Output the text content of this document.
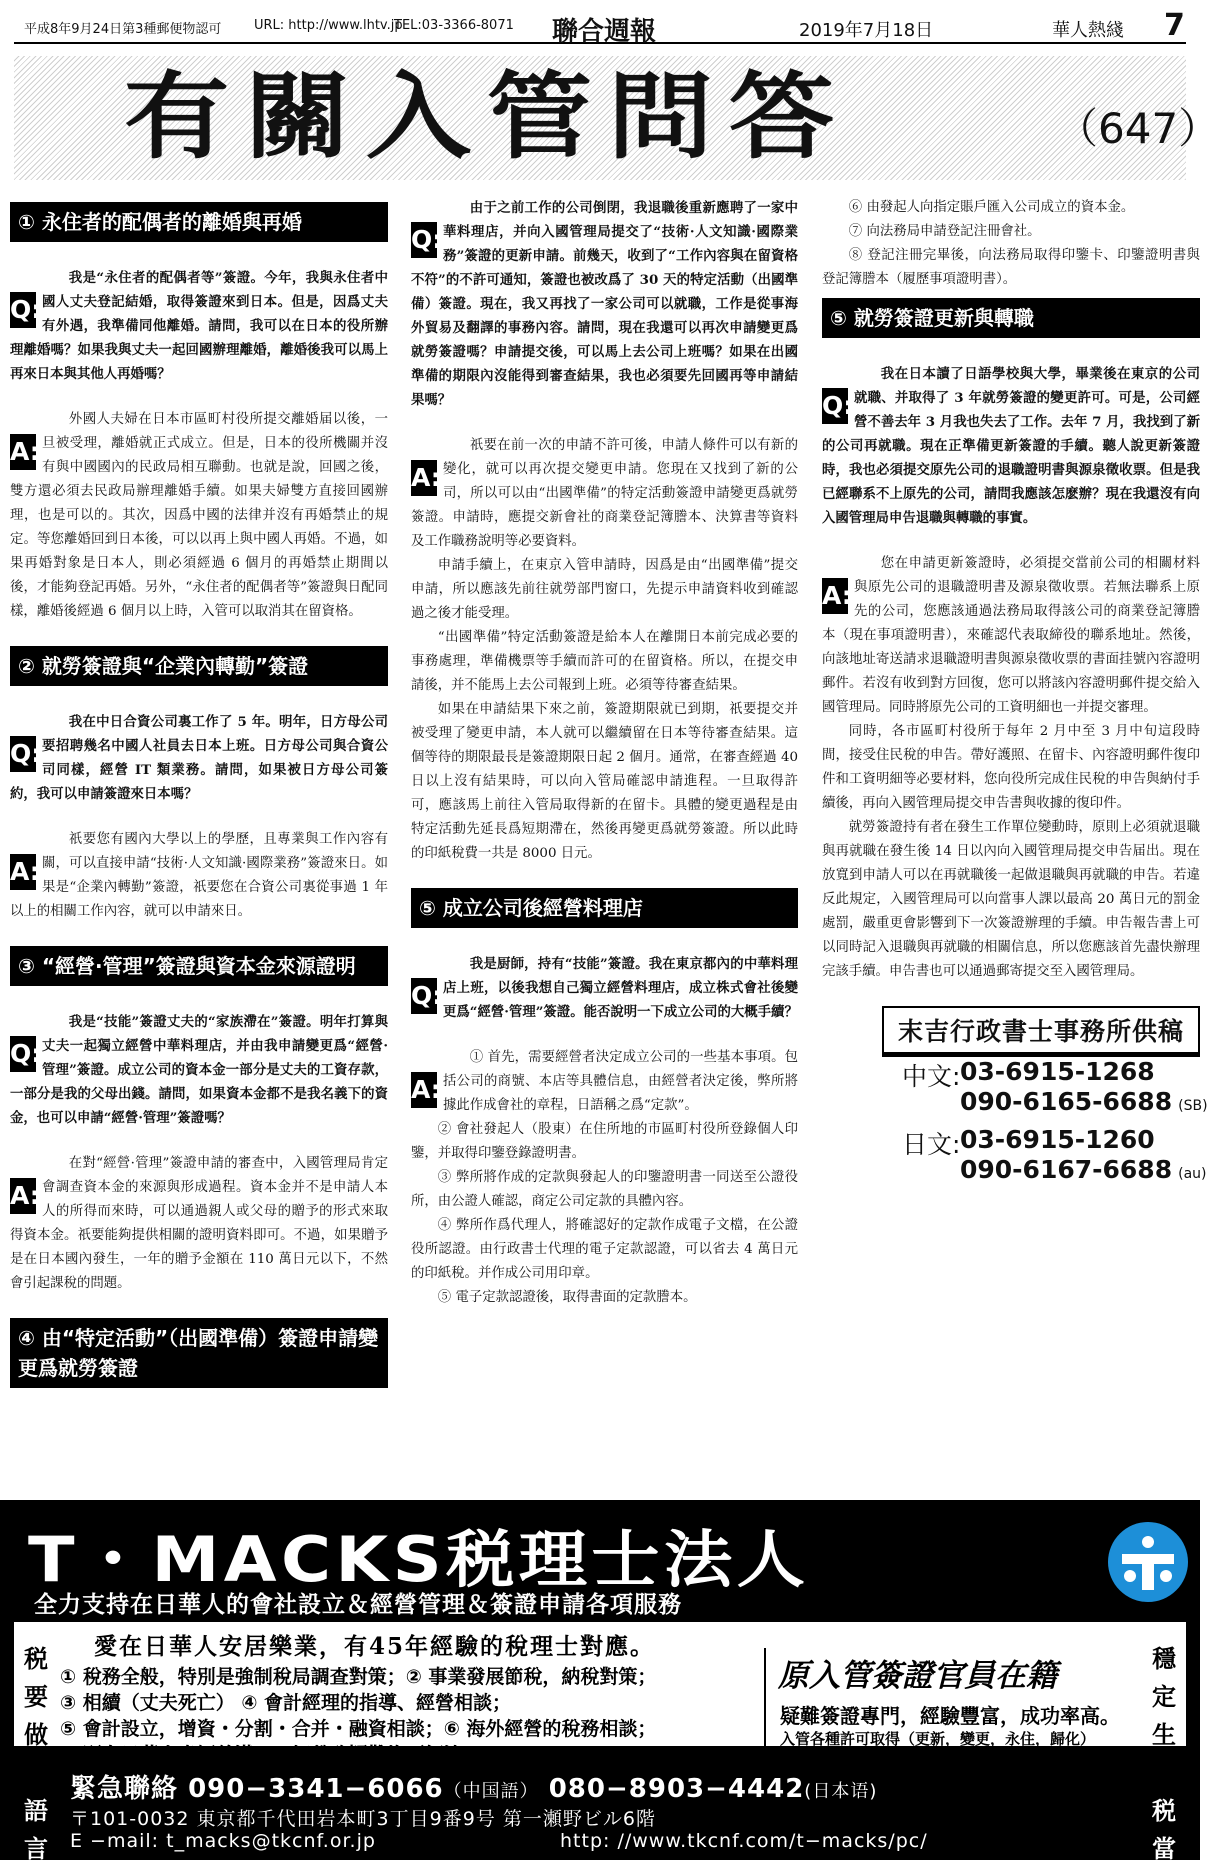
平成8年9月24日第3種郵便物認可	URL: http://www.lhtv.jp
TEL:03-3366-8071 聯合週報	2019年7月18日	華人熱綫 7
有關入管問答	（647）
① 永住者的配偶者的離婚與再婚
Q:

我是“永住者的配偶者等”簽證。今年，我與永住者中國人丈夫登記結婚，取得簽證來到日本。但是，因爲丈夫有外遇，我準備同他離婚。請問，我可以在日本的役所辦理離婚嗎？如果我與丈夫一起回國辦理離婚，離婚後我可以馬上再來日本與其他人再婚嗎？

A:

外國人夫婦在日本市區町村役所提交離婚届以後，一旦被受理，離婚就正式成立。但是，日本的役所機關并沒有與中國國內的民政局相互聯動。也就是說，回國之後，雙方還必須去民政局辦理離婚手續。如果夫婦雙方直接回國辦理，也是可以的。其次，因爲中國的法律并沒有再婚禁止的規定。等您離婚回到日本後，可以以再上與中國人再婚。不過，如果再婚對象是日本人，則必須經過 6 個月的再婚禁止期間以後，才能夠登記再婚。另外，“永住者的配偶者等”簽證與日配同樣，離婚後經過 6 個月以上時，入管可以取消其在留資格。

② 就勞簽證與“企業內轉勤”簽證
Q:

我在中日合資公司裏工作了 5 年。明年，日方母公司要招聘幾名中國人社員去日本上班。日方母公司與合資公司同樣，經營 IT 類業務。請問，如果被日方母公司簽約，我可以申請簽證來日本嗎？

A:

祇要您有國內大學以上的學歷，且專業與工作內容有關，可以直接申請“技術·人文知識·國際業務”簽證來日。如果是“企業內轉勤”簽證，祇要您在合資公司裏從事過 1 年以上的相關工作內容，就可以申請來日。

③ “經營·管理”簽證與資本金來源證明
Q:

我是“技能”簽證丈夫的“家族滯在”簽證。明年打算與丈夫一起獨立經營中華料理店，并由我申請變更爲“經營·管理”簽證。成立公司的資本金一部分是丈夫的工資存款，一部分是我的父母出錢。請問，如果資本金都不是我名義下的資金，也可以申請“經營·管理”簽證嗎？

A:

在對“經營·管理”簽證申請的審查中，入國管理局肯定會調查資本金的來源與形成過程。資本金并不是申請人本人的所得而來時，可以通過親人或父母的贈予的形式來取得資本金。祇要能夠提供相關的證明資料即可。不過，如果贈予是在日本國內發生，一年的贈予金額在 110 萬日元以下，不然會引起課稅的問題。

④ 由“特定活動”（出國準備）簽證申請變更爲就勞簽證
Q:

由于之前工作的公司倒閉，我退職後重新應聘了一家中華料理店，并向入國管理局提交了“技術·人文知識·國際業務”簽證的更新申請。前幾天，收到了“工作內容與在留資格不符”的不許可通知，簽證也被改爲了 30 天的特定活動（出國準備）簽證。現在，我又再找了一家公司可以就職，工作是從事海外貿易及翻譯的事務內容。請問，現在我還可以再次申請變更爲就勞簽證嗎？申請提交後，可以馬上去公司上班嗎？如果在出國準備的期限內沒能得到審查結果，我也必須要先回國再等申請結果嗎？

A:

祇要在前一次的申請不許可後，申請人條件可以有新的變化，就可以再次提交變更申請。您現在又找到了新的公司，所以可以由“出國準備”的特定活動簽證申請變更爲就勞簽證。申請時，應提交新會社的商業登記簿謄本、決算書等資料及工作職務說明等必要資料。

申請手續上，在東京入管申請時，因爲是由“出國準備”提交申請，所以應該先前往就勞部門窗口，先提示申請資料收到確認過之後才能受理。

“出國準備”特定活動簽證是給本人在離開日本前完成必要的事務處理，準備機票等手續而許可的在留資格。所以，在提交申請後，并不能馬上去公司報到上班。必須等待審查結果。

如果在申請結果下來之前，簽證期限就已到期，祇要提交并被受理了變更申請，本人就可以繼續留在日本等待審查結果。這個等待的期限最長是簽證期限日起 2 個月。通常，在審查經過 40 日以上沒有結果時，可以向入管局確認申請進程。一旦取得許可，應該馬上前往入管局取得新的在留卡。具體的變更過程是由特定活動先延長爲短期滯在，然後再變更爲就勞簽證。所以此時的印紙稅費一共是 8000 日元。

⑤ 成立公司後經營料理店
Q:

我是厨師，持有“技能”簽證。我在東京都內的中華料理店上班，以後我想自己獨立經營料理店，成立株式會社後變更爲“經營·管理”簽證。能否說明一下成立公司的大概手續？

A:

① 首先，需要經營者決定成立公司的一些基本事項。包括公司的商號、本店等具體信息，由經營者決定後，弊所將據此作成會社的章程，日語稱之爲“定款”。

② 會社發起人（股東）在住所地的市區町村役所登錄個人印鑒，并取得印鑒登錄證明書。

③ 弊所將作成的定款與發起人的印鑒證明書一同送至公證役所，由公證人確認，商定公司定款的具體內容。

④ 弊所作爲代理人，將確認好的定款作成電子文檔，在公證役所認證。由行政書士代理的電子定款認證，可以省去 4 萬日元的印紙稅。并作成公司用印章。

⑤ 電子定款認證後，取得書面的定款謄本。

⑥ 由發起人向指定賬戶匯入公司成立的資本金。

⑦ 向法務局申請登記注冊會社。

⑧ 登記注冊完畢後，向法務局取得印鑒卡、印鑒證明書與登記簿謄本（履歷事項證明書）。

⑤ 就勞簽證更新與轉職
Q:

我在日本讀了日語學校與大學，畢業後在東京的公司就職、并取得了 3 年就勞簽證的變更許可。可是，公司經營不善去年 3 月我也失去了工作。去年 7 月，我找到了新的公司再就職。現在正準備更新簽證的手續。聽人說更新簽證時，我也必須提交原先公司的退職證明書與源泉徵收票。但是我已經聯系不上原先的公司，請問我應該怎麽辦？現在我還沒有向入國管理局申告退職與轉職的事實。

A:

您在申請更新簽證時，必須提交當前公司的相關材料與原先公司的退職證明書及源泉徵收票。若無法聯系上原先的公司，您應該通過法務局取得該公司的商業登記簿謄本（現在事項證明書），來確認代表取締役的聯系地址。然後，向該地址寄送請求退職證明書與源泉徵收票的書面挂號內容證明郵件。若沒有收到對方回復，您可以將該內容證明郵件提交給入國管理局。同時將原先公司的工資明細也一并提交審理。

同時，各市區町村役所于每年 2 月中至 3 月中旬這段時間，接受住民稅的申告。帶好護照、在留卡、內容證明郵件復印件和工資明細等必要材料，您向役所完成住民稅的申告與納付手續後，再向入國管理局提交申告書與收據的復印件。

就勞簽證持有者在發生工作單位變動時，原則上必須就退職與再就職在發生後 14 日以內向入國管理局提交申告届出。現在放寬到申請人可以在再就職後一起做退職與再就職的申告。若違反此規定，入國管理局可以向當事人課以最高 20 萬日元的罰金處罰，嚴重更會影響到下一次簽證辦理的手續。申告報告書上可以同時記入退職與再就職的相關信息，所以您應該首先盡快辦理完該手續。申告書也可以通過郵寄提交至入國管理局。

末吉行政書士事務所供稿
中文: 03-6915-1268
090-6165-6688 (SB)
日文: 03-6915-1260
090-6167-6688 (au)
T・MACKS税理士法人
全力支持在日華人的會社設立＆經營管理＆簽證申請各項服務
愛在日華人安居樂業，有45年經驗的稅理士對應。
税
要
做
好
語
言
穩
定
生
活
税
當
① 稅務全般，特別是強制稅局調查對策；② 事業發展節稅，納稅對策；
③ 相續（丈夫死亡） ④ 會計經理的指導、經營相談；
⑤ 會計設立，增資・分割・合并・融資相談；⑥ 海外經營的稅務相談；
⑦ 願在日華人幸福美滿，一切稅務疑難均可解決。
原入管簽證官員在籍
疑難簽證專門，經驗豐富，成功率高。
入管各種許可取得（更新，變更，永住，歸化）
緊急聯絡 090−3341−6066（中国語） 080−8903−4442(日本语)
〒101-0032 東京都千代田岩本町3丁目9番9号 第一瀬野ビル6階
E −mail: t_macks@tkcnf.or.jp	http: //www.tkcnf.com/t−macks/pc/
